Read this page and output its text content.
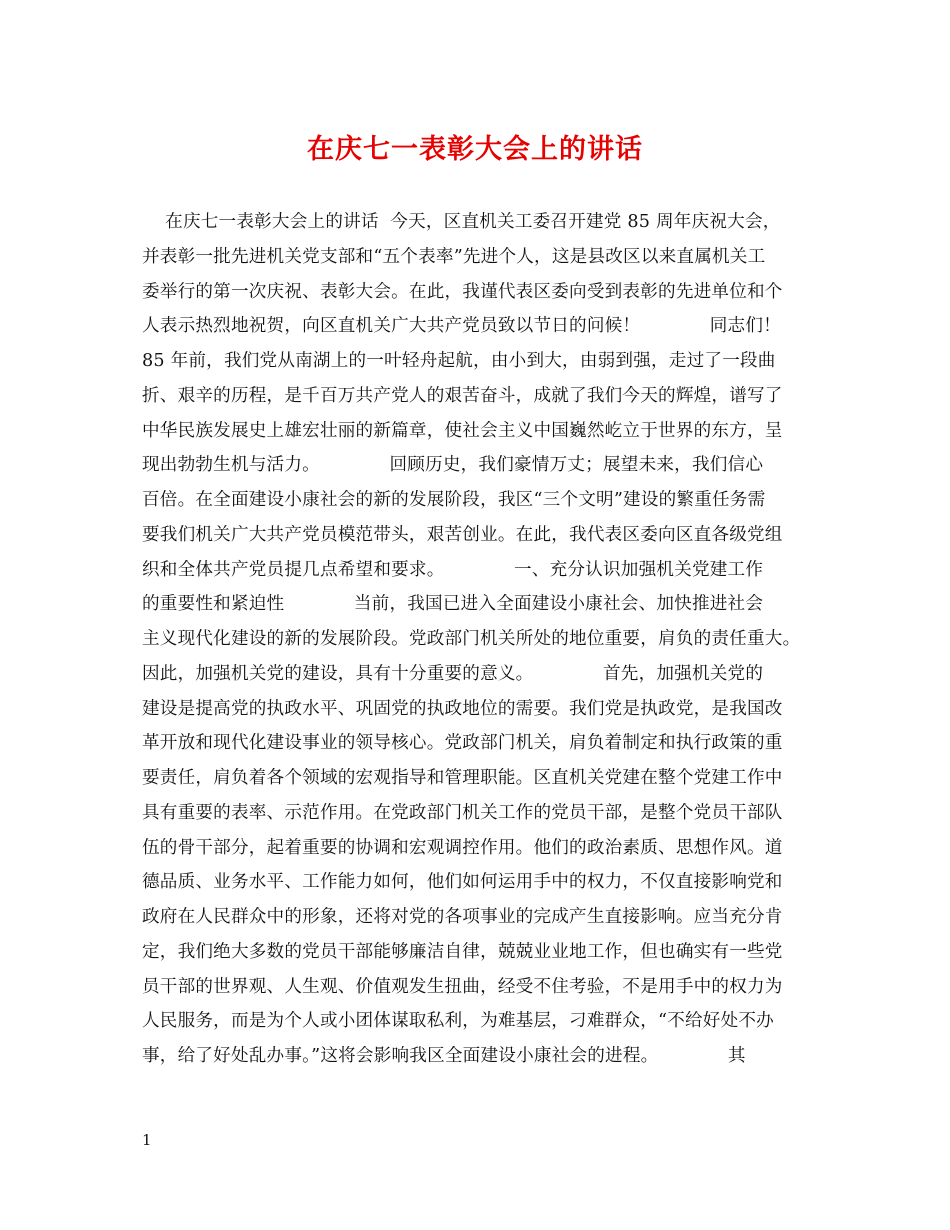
在庆七一表彰大会上的讲话
在庆七一表彰大会上的讲话  今天，区直机关工委召开建党 85 周年庆祝大会，
并表彰一批先进机关党支部和“五个表率”先进个人，这是县改区以来直属机关工
委举行的第一次庆祝、表彰大会。在此，我谨代表区委向受到表彰的先进单位和个
人表示热烈地祝贺，向区直机关广大共产党员致以节日的问候！            同志们！
85 年前，我们党从南湖上的一叶轻舟起航，由小到大，由弱到强，走过了一段曲
折、艰辛的历程，是千百万共产党人的艰苦奋斗，成就了我们今天的辉煌，谱写了
中华民族发展史上雄宏壮丽的新篇章，使社会主义中国巍然屹立于世界的东方，呈
现出勃勃生机与活力。            回顾历史，我们豪情万丈；展望未来，我们信心
百倍。在全面建设小康社会的新的发展阶段，我区“三个文明”建设的繁重任务需
要我们机关广大共产党员模范带头，艰苦创业。在此，我代表区委向区直各级党组
织和全体共产党员提几点希望和要求。            一、充分认识加强机关党建工作
的重要性和紧迫性            当前，我国已进入全面建设小康社会、加快推进社会
主义现代化建设的新的发展阶段。党政部门机关所处的地位重要，肩负的责任重大。
因此，加强机关党的建设，具有十分重要的意义。            首先，加强机关党的
建设是提高党的执政水平、巩固党的执政地位的需要。我们党是执政党，是我国改
革开放和现代化建设事业的领导核心。党政部门机关，肩负着制定和执行政策的重
要责任，肩负着各个领域的宏观指导和管理职能。区直机关党建在整个党建工作中
具有重要的表率、示范作用。在党政部门机关工作的党员干部，是整个党员干部队
伍的骨干部分，起着重要的协调和宏观调控作用。他们的政治素质、思想作风。道
德品质、业务水平、工作能力如何，他们如何运用手中的权力，不仅直接影响党和
政府在人民群众中的形象，还将对党的各项事业的完成产生直接影响。应当充分肯
定，我们绝大多数的党员干部能够廉洁自律，兢兢业业地工作，但也确实有一些党
员干部的世界观、人生观、价值观发生扭曲，经受不住考验，不是用手中的权力为
人民服务，而是为个人或小团体谋取私利，为难基层，刁难群众，“不给好处不办
事，给了好处乱办事。”这将会影响我区全面建设小康社会的进程。            其
1
